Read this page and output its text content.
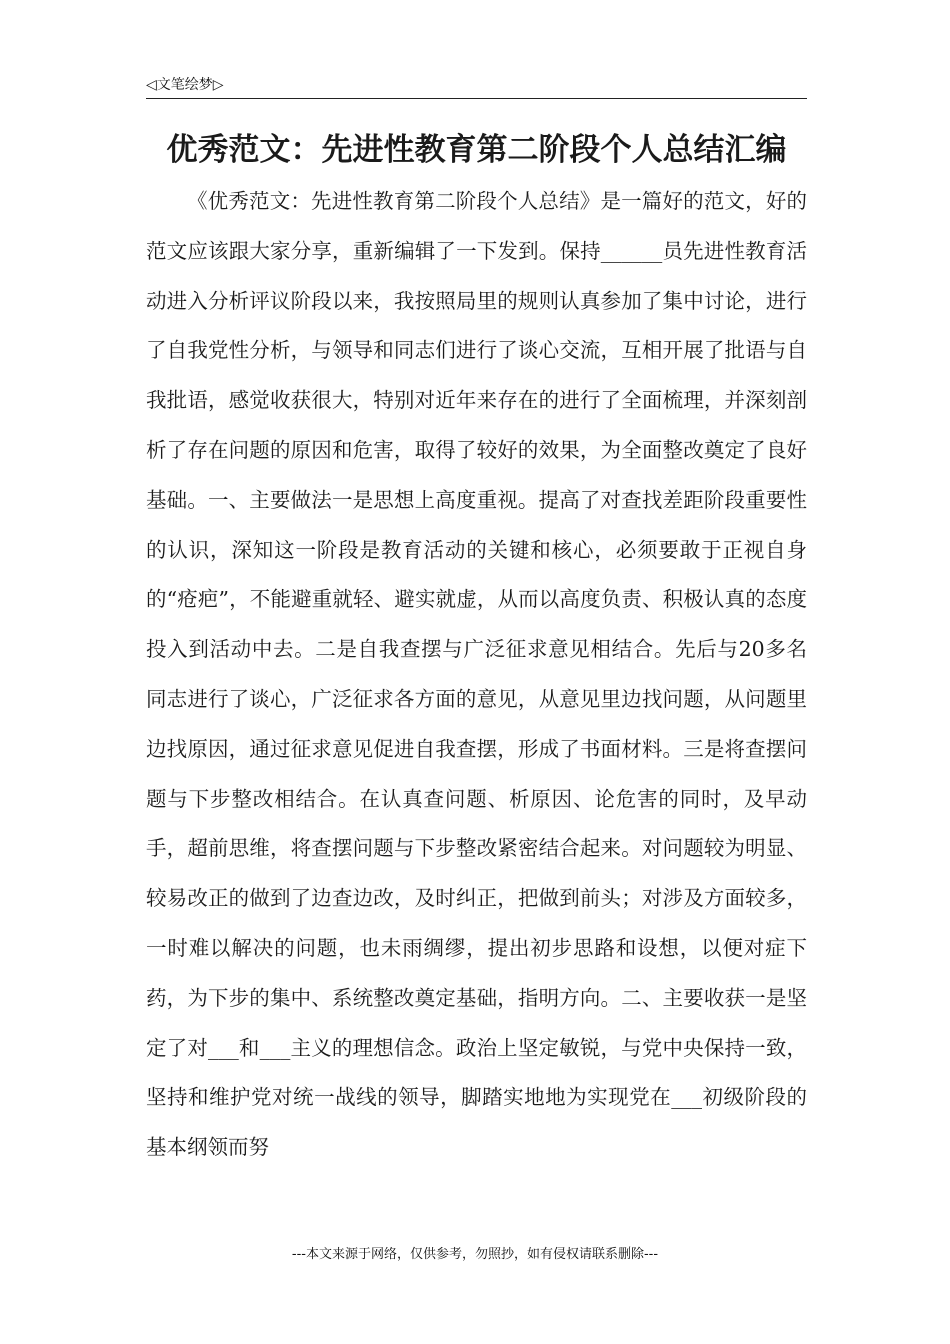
◁文笔绘梦▷
优秀范文：先进性教育第二阶段个人总结汇编

《优秀范文：先进性教育第二阶段个人总结》是一篇好的范文，好的范文应该跟大家分享，重新编辑了一下发到。保持______员先进性教育活动进入分析评议阶段以来，我按照局里的规则认真参加了集中讨论，进行了自我党性分析，与领导和同志们进行了谈心交流，互相开展了批语与自我批语，感觉收获很大，特别对近年来存在的进行了全面梳理，并深刻剖析了存在问题的原因和危害，取得了较好的效果，为全面整改奠定了良好基础。一、主要做法一是思想上高度重视。提高了对查找差距阶段重要性的认识，深知这一阶段是教育活动的关键和核心，必须要敢于正视自身的“疮疤”，不能避重就轻、避实就虚，从而以高度负责、积极认真的态度投入到活动中去。二是自我查摆与广泛征求意见相结合。先后与20多名同志进行了谈心，广泛征求各方面的意见，从意见里边找问题，从问题里边找原因，通过征求意见促进自我查摆，形成了书面材料。三是将查摆问题与下步整改相结合。在认真查问题、析原因、论危害的同时，及早动手，超前思维，将查摆问题与下步整改紧密结合起来。对问题较为明显、较易改正的做到了边查边改，及时纠正，把做到前头；对涉及方面较多，一时难以解决的问题，也未雨绸缪，提出初步思路和设想，以便对症下药，为下步的集中、系统整改奠定基础，指明方向。二、主要收获一是坚定了对___和___主义的理想信念。政治上坚定敏锐，与党中央保持一致，坚持和维护党对统一战线的领导，脚踏实地地为实现党在___初级阶段的基本纲领而努

---本文来源于网络，仅供参考，勿照抄，如有侵权请联系删除---
